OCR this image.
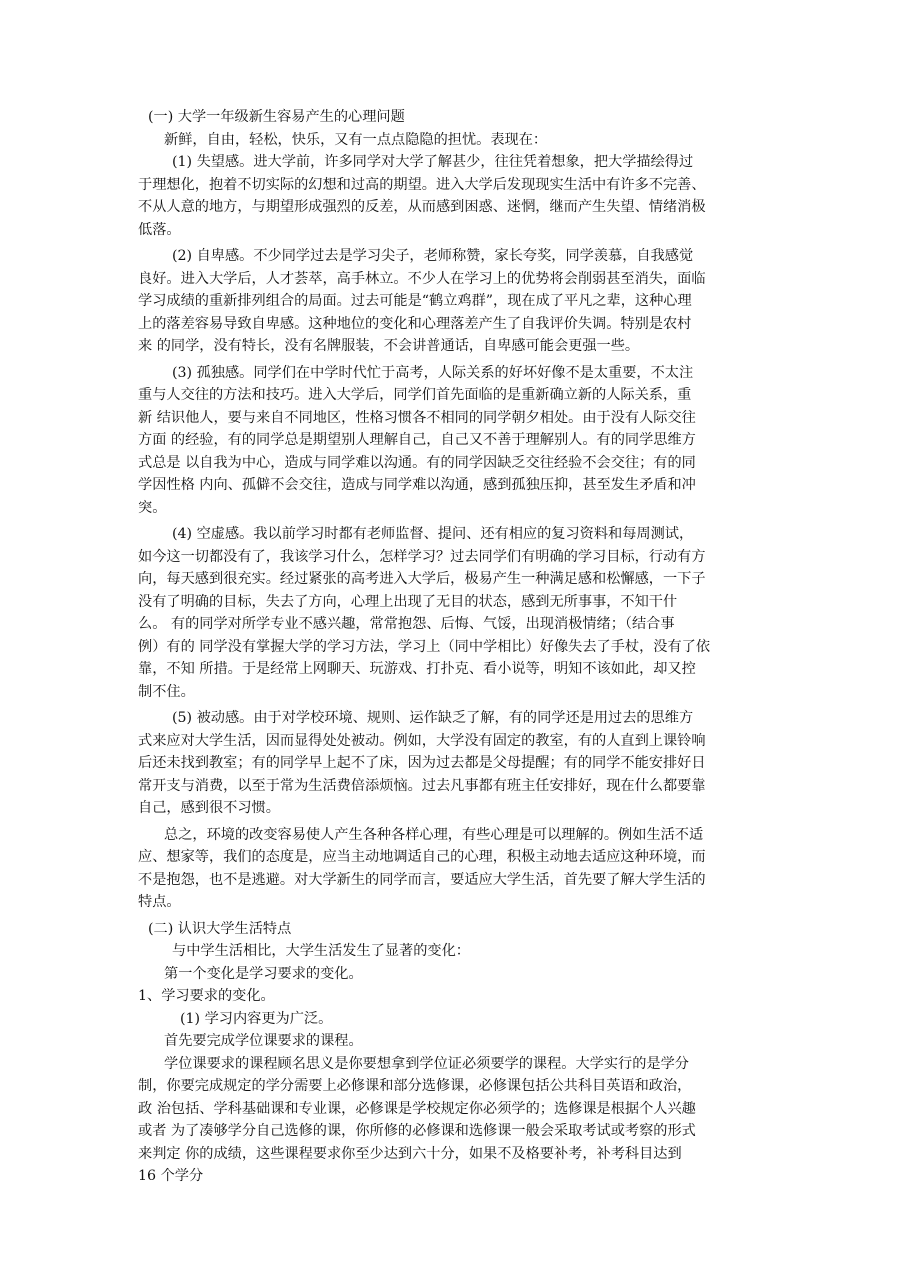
(一) 大学一年级新生容易产生的心理问题
新鲜，自由，轻松，快乐，又有一点点隐隐的担忧。表现在：
(1) 失望感。进大学前，许多同学对大学了解甚少，往往凭着想象，把大学描绘得过
于理想化，抱着不切实际的幻想和过高的期望。进入大学后发现现实生活中有许多不完善、
不从人意的地方，与期望形成强烈的反差，从而感到困惑、迷惘，继而产生失望、情绪消极
低落。
(2) 自卑感。不少同学过去是学习尖子，老师称赞，家长夸奖，同学羡慕，自我感觉
良好。进入大学后，人才荟萃，高手林立。不少人在学习上的优势将会削弱甚至消失，面临
学习成绩的重新排列组合的局面。过去可能是“鹤立鸡群”，现在成了平凡之辈，这种心理
上的落差容易导致自卑感。这种地位的变化和心理落差产生了自我评价失调。特别是农村
来 的同学，没有特长，没有名牌服装，不会讲普通话，自卑感可能会更强一些。
(3) 孤独感。同学们在中学时代忙于高考，人际关系的好坏好像不是太重要，不太注
重与人交往的方法和技巧。进入大学后，同学们首先面临的是重新确立新的人际关系，重
新 结识他人，要与来自不同地区，性格习惯各不相同的同学朝夕相处。由于没有人际交往
方面 的经验，有的同学总是期望别人理解自己，自己又不善于理解别人。有的同学思维方
式总是 以自我为中心，造成与同学难以沟通。有的同学因缺乏交往经验不会交往；有的同
学因性格 内向、孤僻不会交往，造成与同学难以沟通，感到孤独压抑，甚至发生矛盾和冲
突。
(4) 空虚感。我以前学习时都有老师监督、提问、还有相应的复习资料和每周测试，
如今这一切都没有了，我该学习什么，怎样学习？过去同学们有明确的学习目标，行动有方
向，每天感到很充实。经过紧张的高考进入大学后，极易产生一种满足感和松懈感，一下子
没有了明确的目标，失去了方向，心理上出现了无目的状态，感到无所事事，不知干什
么。 有的同学对所学专业不感兴趣，常常抱怨、后悔、气馁，出现消极情绪；（结合事
例）有的 同学没有掌握大学的学习方法，学习上（同中学相比）好像失去了手杖，没有了依
靠，不知 所措。于是经常上网聊天、玩游戏、打扑克、看小说等，明知不该如此，却又控
制不住。
(5) 被动感。由于对学校环境、规则、运作缺乏了解，有的同学还是用过去的思维方
式来应对大学生活，因而显得处处被动。例如，大学没有固定的教室，有的人直到上课铃响
后还未找到教室；有的同学早上起不了床，因为过去都是父母提醒；有的同学不能安排好日
常开支与消费，以至于常为生活费倍添烦恼。过去凡事都有班主任安排好，现在什么都要靠
自己，感到很不习惯。
总之，环境的改变容易使人产生各种各样心理，有些心理是可以理解的。例如生活不适
应、想家等，我们的态度是，应当主动地调适自己的心理，积极主动地去适应这种环境，而
不是抱怨，也不是逃避。对大学新生的同学而言，要适应大学生活，首先要了解大学生活的
特点。
(二) 认识大学生活特点
与中学生活相比，大学生活发生了显著的变化：
第一个变化是学习要求的变化。
1、学习要求的变化。
(1) 学习内容更为广泛。
首先要完成学位课要求的课程。
学位课要求的课程顾名思义是你要想拿到学位证必须要学的课程。大学实行的是学分
制，你要完成规定的学分需要上必修课和部分选修课，必修课包括公共科目英语和政治，
政 治包括、学科基础课和专业课，必修课是学校规定你必须学的；选修课是根据个人兴趣
或者 为了凑够学分自己选修的课，你所修的必修课和选修课一般会采取考试或考察的形式
来判定 你的成绩，这些课程要求你至少达到六十分，如果不及格要补考，补考科目达到
16 个学分
